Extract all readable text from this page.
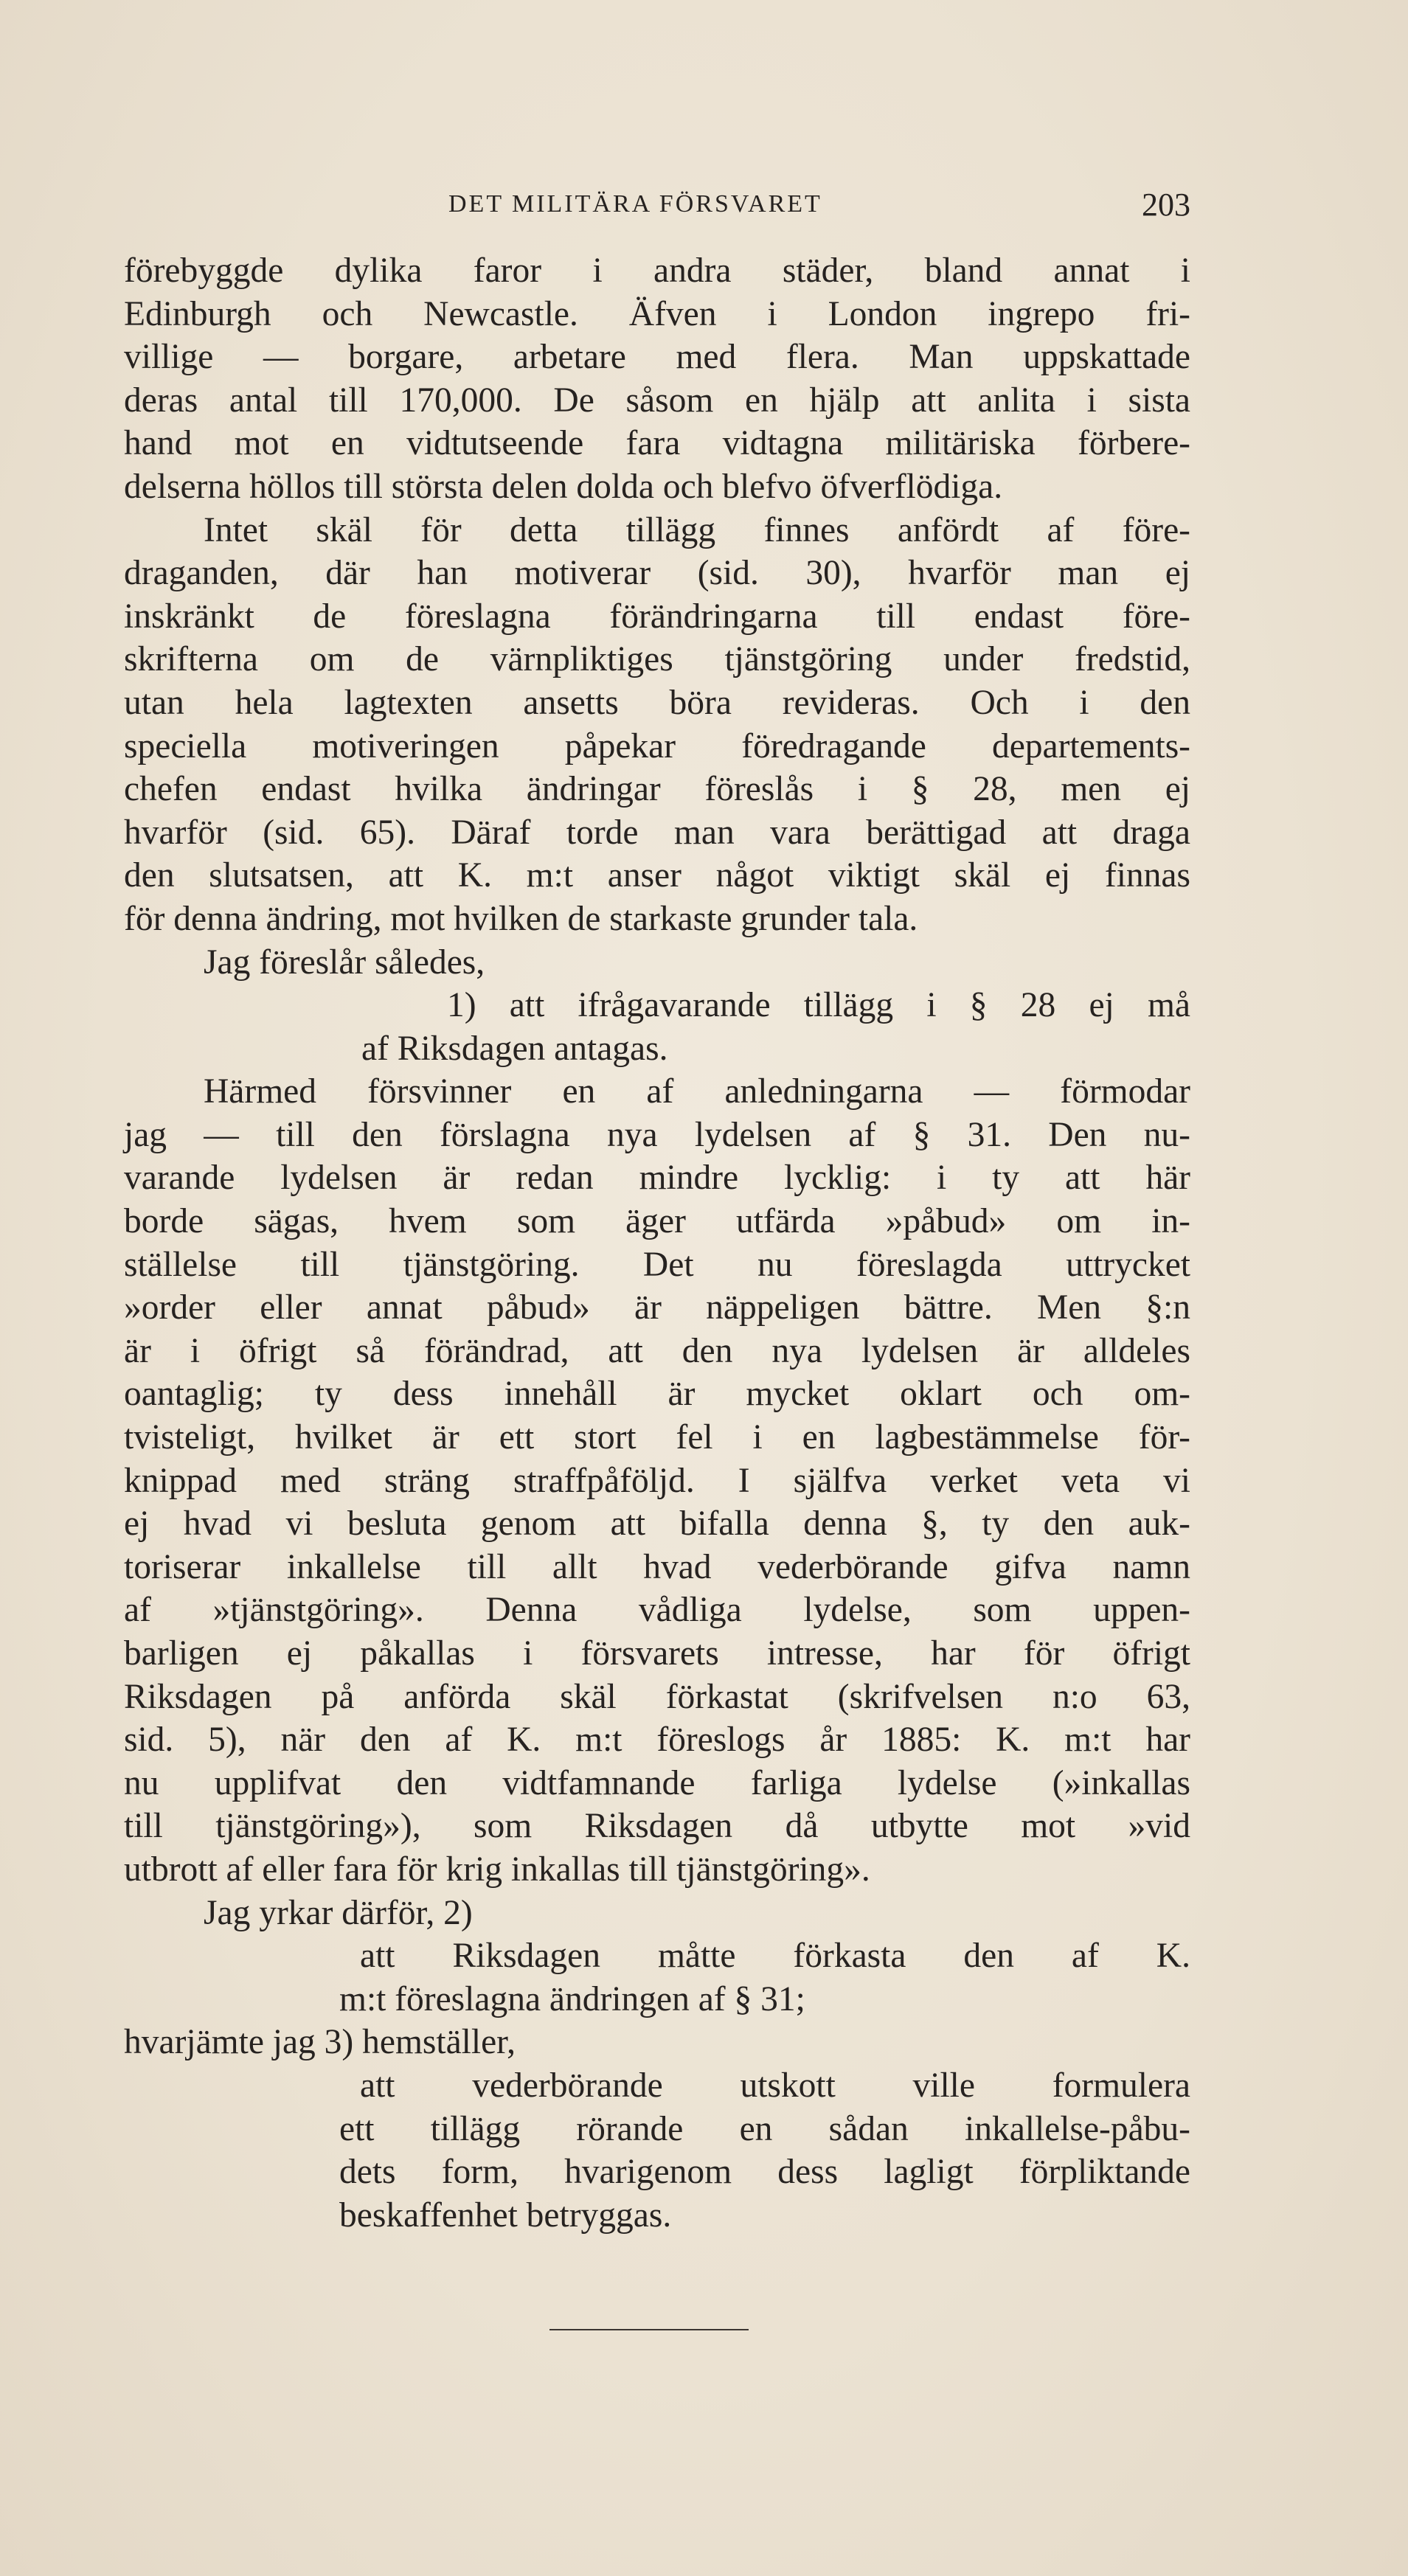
DET MILITÄRA FÖRSVARET	203
förebyggde dylika faror i andra städer, bland annat i
Edinburgh och Newcastle. Äfven i London ingrepo fri-
villige — borgare, arbetare med flera. Man uppskattade
deras antal till 170,000. De såsom en hjälp att anlita i sista
hand mot en vidtutseende fara vidtagna militäriska förbere-
delserna höllos till största delen dolda och blefvo öfverflödiga.
Intet skäl för detta tillägg finnes anfördt af före-
draganden, där han motiverar (sid. 30), hvarför man ej
inskränkt de föreslagna förändringarna till endast före-
skrifterna om de värnpliktiges tjänstgöring under fredstid,
utan hela lagtexten ansetts böra revideras. Och i den
speciella motiveringen påpekar föredragande departements-
chefen endast hvilka ändringar föreslås i § 28, men ej
hvarför (sid. 65). Däraf torde man vara berättigad att draga
den slutsatsen, att K. m:t anser något viktigt skäl ej finnas
för denna ändring, mot hvilken de starkaste grunder tala.
Jag föreslår således,
1) att ifrågavarande tillägg i § 28 ej må
af Riksdagen antagas.
Härmed försvinner en af anledningarna — förmodar
jag — till den förslagna nya lydelsen af § 31. Den nu-
varande lydelsen är redan mindre lycklig: i ty att här
borde sägas, hvem som äger utfärda »påbud» om in-
ställelse till tjänstgöring. Det nu föreslagda uttrycket
»order eller annat påbud» är näppeligen bättre. Men §:n
är i öfrigt så förändrad, att den nya lydelsen är alldeles
oantaglig; ty dess innehåll är mycket oklart och om-
tvisteligt, hvilket är ett stort fel i en lagbestämmelse för-
knippad med sträng straffpåföljd. I själfva verket veta vi
ej hvad vi besluta genom att bifalla denna §, ty den auk-
toriserar inkallelse till allt hvad vederbörande gifva namn
af »tjänstgöring». Denna vådliga lydelse, som uppen-
barligen ej påkallas i försvarets intresse, har för öfrigt
Riksdagen på anförda skäl förkastat (skrifvelsen n:o 63,
sid. 5), när den af K. m:t föreslogs år 1885: K. m:t har
nu upplifvat den vidtfamnande farliga lydelse (»inkallas
till tjänstgöring»), som Riksdagen då utbytte mot »vid
utbrott af eller fara för krig inkallas till tjänstgöring».
Jag yrkar därför, 2)
att Riksdagen måtte förkasta den af K.
m:t föreslagna ändringen af § 31;
hvarjämte jag 3) hemställer,
att vederbörande utskott ville formulera
ett tillägg rörande en sådan inkallelse-påbu-
dets form, hvarigenom dess lagligt förpliktande
beskaffenhet betryggas.
